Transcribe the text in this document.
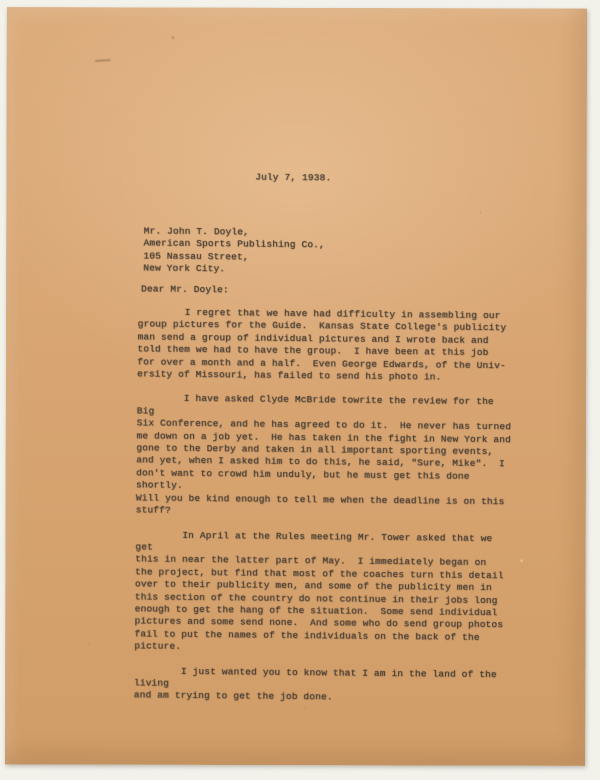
July 7, 1938.
Mr. John T. Doyle,
American Sports Publishing Co.,
105 Nassau Street,
New York City.
Dear Mr. Doyle:
I regret that we have had difficulty in assembling our
group pictures for the Guide.  Kansas State College's publicity
man send a group of individual pictures and I wrote back and
told them we had to have the group.  I have been at this job
for over a month and a half.  Even George Edwards, of the Univ-
ersity of Missouri, has failed to send his photo in.
I have asked Clyde McBride towrite the review for the Big
Six Conference, and he has agreed to do it.  He never has turned
me down on a job yet.  He has taken in the fight in New York and
gone to the Derby and taken in all important sporting events,
and yet, when I asked him to do this, he said, "Sure, Mike".  I
don't want to crowd him unduly, but he must get this done shortly.
Will you be kind enough to tell me when the deadline is on this
stuff?
In April at the Rules meeting Mr. Tower asked that we get
this in near the latter part of May.  I immediately began on
the project, but find that most of the coaches turn this detail
over to their publicity men, and some of the publicity men in
this section of the country do not continue in their jobs long
enough to get the hang of the situation.  Some send individual
pictures and some send none.  And some who do send group photos
fail to put the names of the individuals on the back of the
picture.
I just wanted you to know that I am in the land of the living
and am trying to get the job done.
